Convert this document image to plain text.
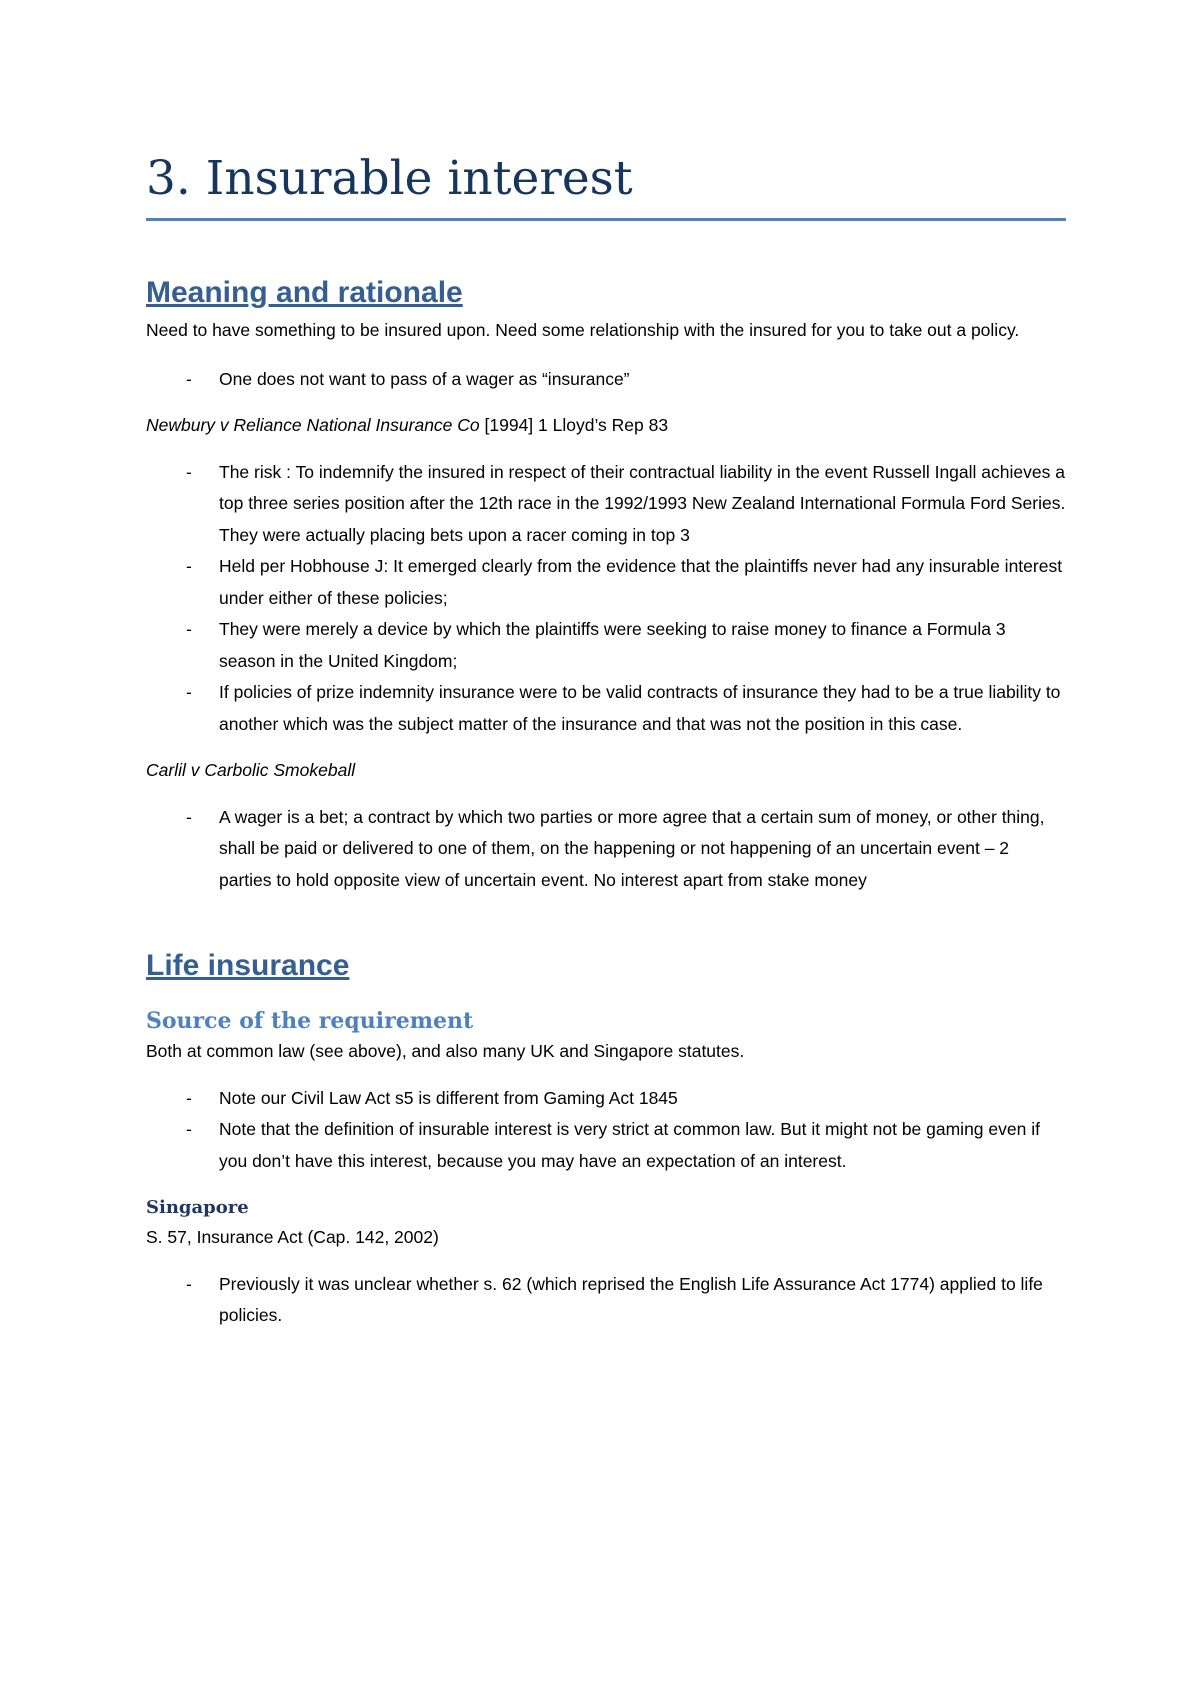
3. Insurable interest
Meaning and rationale

Need to have something to be insured upon. Need some relationship with the insured for you to take out a policy.

- One does not want to pass of a wager as “insurance”

Newbury v Reliance National Insurance Co [1994] 1 Lloyd’s Rep 83

- The risk : To indemnify the insured in respect of their contractual liability in the event Russell Ingall achieves a top three series position after the 12th race in the 1992/1993 New Zealand International Formula Ford Series. They were actually placing bets upon a racer coming in top 3
- Held per Hobhouse J: It emerged clearly from the evidence that the plaintiffs never had any insurable interest under either of these policies;
- They were merely a device by which the plaintiffs were seeking to raise money to finance a Formula 3 season in the United Kingdom;
- If policies of prize indemnity insurance were to be valid contracts of insurance they had to be a true liability to another which was the subject matter of the insurance and that was not the position in this case.

Carlil v Carbolic Smokeball

- A wager is a bet; a contract by which two parties or more agree that a certain sum of money, or other thing, shall be paid or delivered to one of them, on the happening or not happening of an uncertain event – 2 parties to hold opposite view of uncertain event. No interest apart from stake money
Life insurance
Source of the requirement

Both at common law (see above), and also many UK and Singapore statutes.

- Note our Civil Law Act s5 is different from Gaming Act 1845
- Note that the definition of insurable interest is very strict at common law. But it might not be gaming even if you don’t have this interest, because you may have an expectation of an interest.
Singapore

S. 57, Insurance Act (Cap. 142, 2002)

- Previously it was unclear whether s. 62 (which reprised the English Life Assurance Act 1774) applied to life policies.
